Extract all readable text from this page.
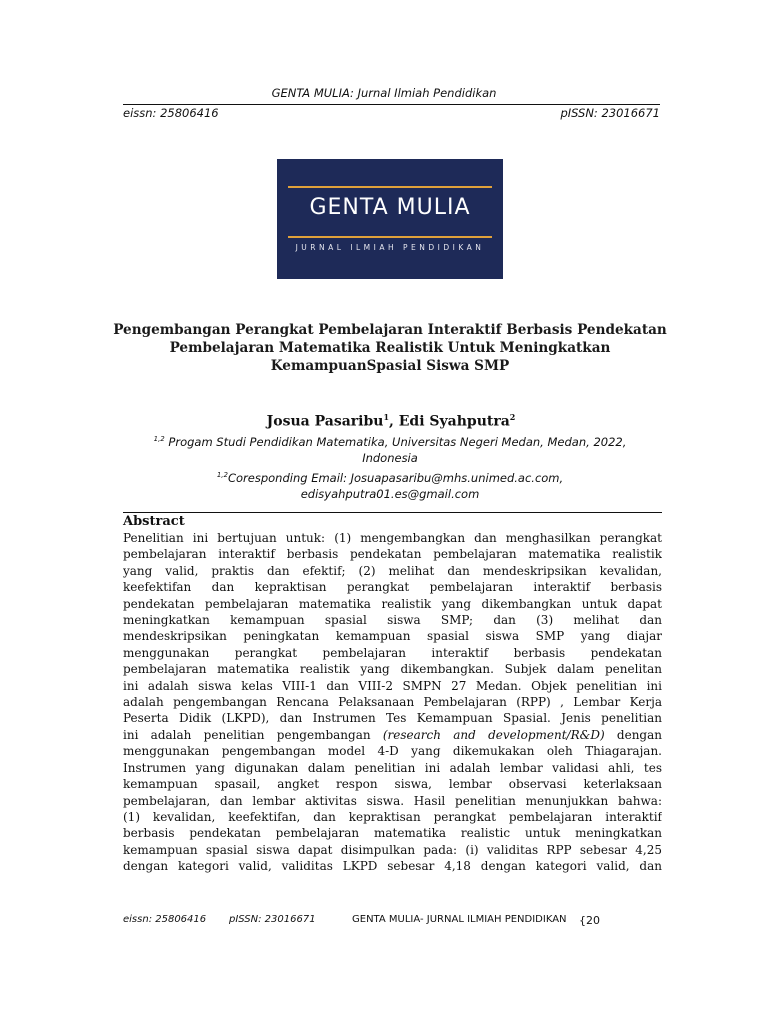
GENTA MULIA: Jurnal Ilmiah Pendidikan
eissn: 25806416	pISSN: 23016671
GENTA MULIA
JURNAL ILMIAH PENDIDIKAN
Pengembangan Perangkat Pembelajaran Interaktif Berbasis Pendekatan
Pembelajaran Matematika Realistik Untuk Meningkatkan
KemampuanSpasial Siswa SMP
Josua Pasaribu$^1$, Edi Syahputra$^2$
$^{1,2}$ Progam Studi Pendidikan Matematika, Universitas Negeri Medan, Medan, 2022,
Indonesia
$^{1,2}$Coresponding Email: Josuapasaribu@mhs.unimed.ac.com,
edisyahputra01.es@gmail.com
Abstract
Penelitian ini bertujuan untuk: (1) mengembangkan dan menghasilkan perangkat
pembelajaran interaktif berbasis pendekatan pembelajaran matematika realistik
yang valid, praktis dan efektif; (2) melihat dan mendeskripsikan kevalidan,
keefektifan dan kepraktisan perangkat pembelajaran interaktif berbasis
pendekatan pembelajaran matematika realistik yang dikembangkan untuk dapat
meningkatkan kemampuan spasial siswa SMP; dan (3) melihat dan
mendeskripsikan peningkatan kemampuan spasial siswa SMP yang diajar
menggunakan perangkat pembelajaran interaktif berbasis pendekatan
pembelajaran matematika realistik yang dikembangkan. Subjek dalam penelitan
ini adalah siswa kelas VIII-1 dan VIII-2 SMPN 27 Medan. Objek penelitian ini
adalah pengembangan Rencana Pelaksanaan Pembelajaran (RPP) , Lembar Kerja
Peserta Didik (LKPD), dan Instrumen Tes Kemampuan Spasial. Jenis penelitian
ini adalah penelitian pengembangan (research and development/R&D) dengan
menggunakan pengembangan model 4-D yang dikemukakan oleh Thiagarajan.
Instrumen yang digunakan dalam penelitian ini adalah lembar validasi ahli, tes
kemampuan spasail, angket respon siswa, lembar observasi keterlaksaan
pembelajaran, dan lembar aktivitas siswa. Hasil penelitian menunjukkan bahwa:
(1) kevalidan, keefektifan, dan kepraktisan perangkat pembelajaran interaktif
berbasis pendekatan pembelajaran matematika realistic untuk meningkatkan
kemampuan spasial siswa dapat disimpulkan pada: (i) validitas RPP sebesar 4,25
dengan kategori valid, validitas LKPD sebesar 4,18 dengan kategori valid, dan
eissn: 25806416 pISSN: 23016671	GENTA MULIA- JURNAL ILMIAH PENDIDIKAN {20
